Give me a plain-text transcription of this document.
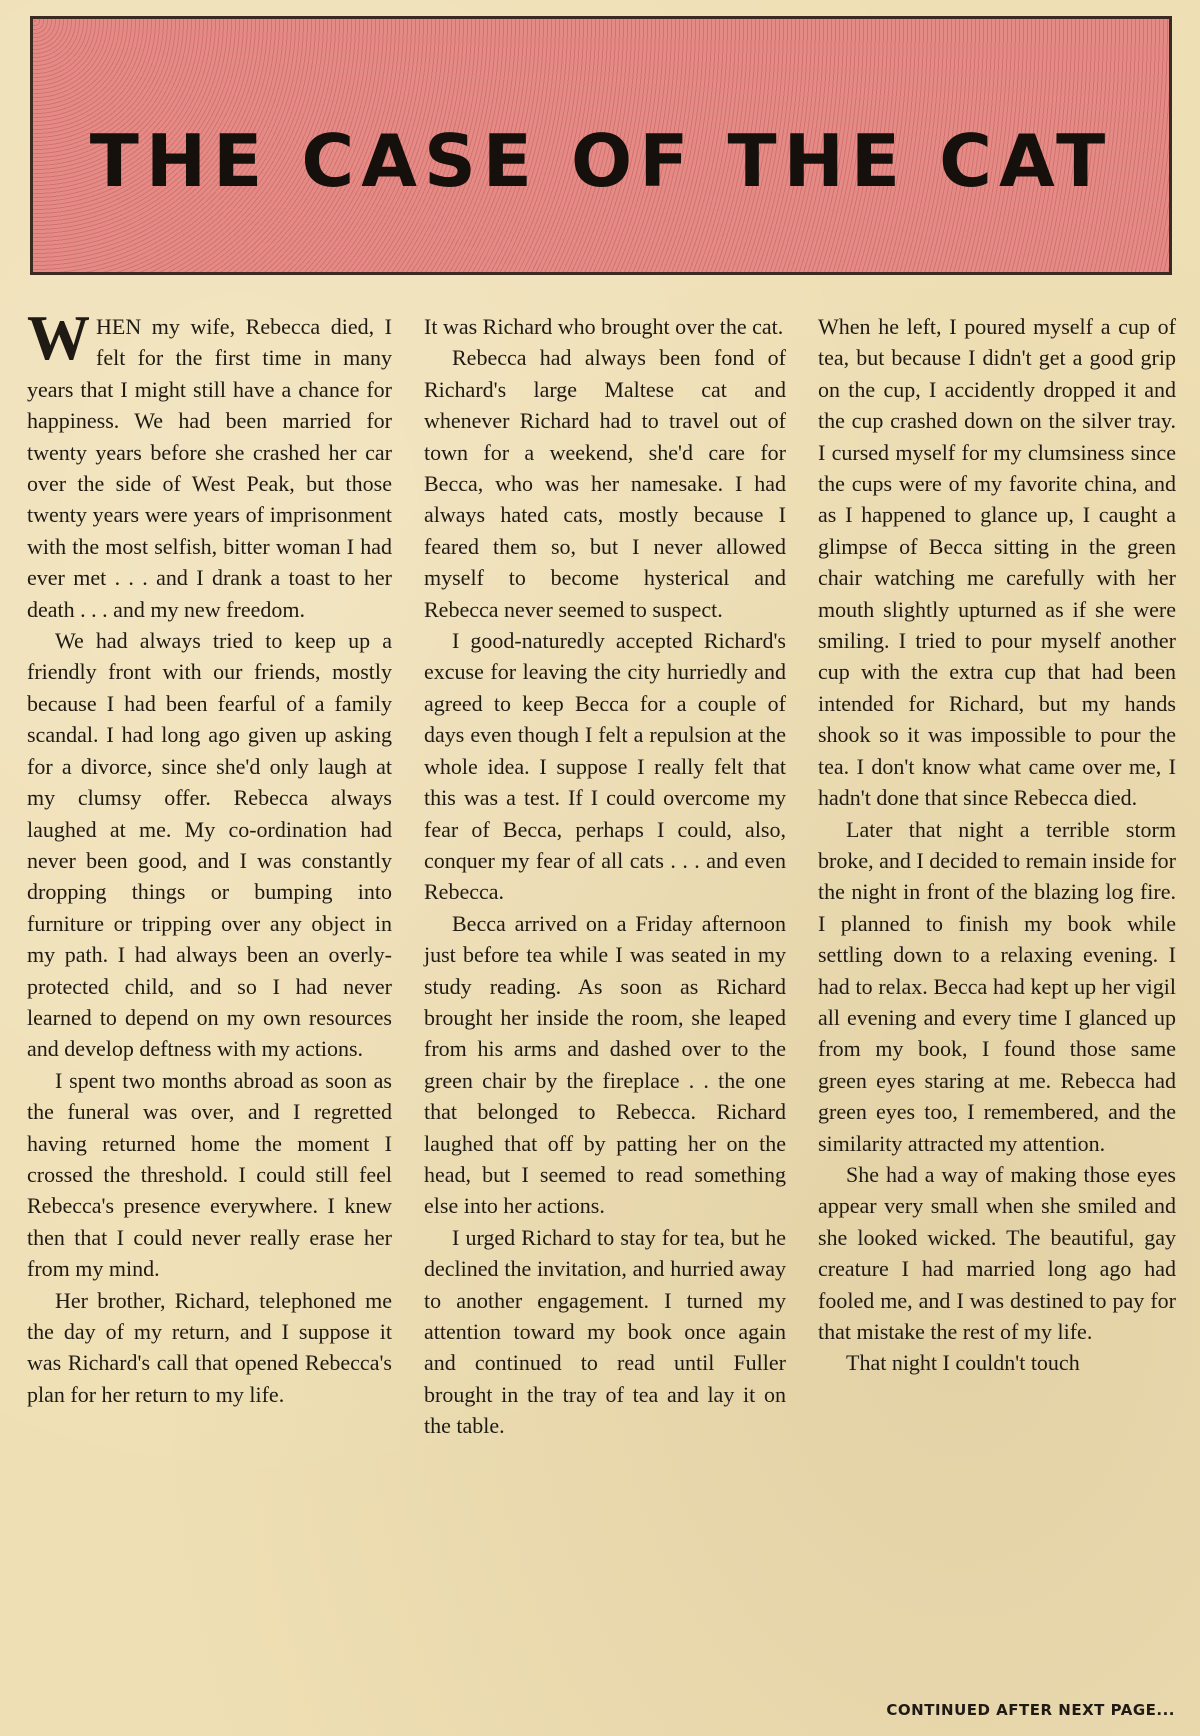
THE CASE OF THE CAT

WHEN my wife, Rebecca died, I felt for the first time in many years that I might still have a chance for happiness. We had been married for twenty years before she crashed her car over the side of West Peak, but those twenty years were years of imprisonment with the most selfish, bitter woman I had ever met . . . and I drank a toast to her death . . . and my new freedom.

We had always tried to keep up a friendly front with our friends, mostly because I had been fearful of a family scandal. I had long ago given up asking for a divorce, since she'd only laugh at my clumsy offer. Rebecca always laughed at me. My co-ordination had never been good, and I was constantly dropping things or bumping into furniture or tripping over any object in my path. I had always been an overly-protected child, and so I had never learned to depend on my own resources and develop deftness with my actions.

I spent two months abroad as soon as the funeral was over, and I regretted having returned home the moment I crossed the threshold. I could still feel Rebecca's presence everywhere. I knew then that I could never really erase her from my mind.

Her brother, Richard, telephoned me the day of my return, and I suppose it was Richard's call that opened Rebecca's plan for her return to my life.

It was Richard who brought over the cat.

Rebecca had always been fond of Richard's large Maltese cat and whenever Richard had to travel out of town for a weekend, she'd care for Becca, who was her namesake. I had always hated cats, mostly because I feared them so, but I never allowed myself to become hysterical and Rebecca never seemed to suspect.

I good-naturedly accepted Richard's excuse for leaving the city hurriedly and agreed to keep Becca for a couple of days even though I felt a repulsion at the whole idea. I suppose I really felt that this was a test. If I could overcome my fear of Becca, perhaps I could, also, conquer my fear of all cats . . . and even Rebecca.

Becca arrived on a Friday afternoon just before tea while I was seated in my study reading. As soon as Richard brought her inside the room, she leaped from his arms and dashed over to the green chair by the fireplace . . the one that belonged to Rebecca. Richard laughed that off by patting her on the head, but I seemed to read something else into her actions.

I urged Richard to stay for tea, but he declined the invitation, and hurried away to another engagement. I turned my attention toward my book once again and continued to read until Fuller brought in the tray of tea and lay it on the table.

When he left, I poured myself a cup of tea, but because I didn't get a good grip on the cup, I accidently dropped it and the cup crashed down on the silver tray. I cursed myself for my clumsiness since the cups were of my favorite china, and as I happened to glance up, I caught a glimpse of Becca sitting in the green chair watching me carefully with her mouth slightly upturned as if she were smiling. I tried to pour myself another cup with the extra cup that had been intended for Richard, but my hands shook so it was impossible to pour the tea. I don't know what came over me, I hadn't done that since Rebecca died.

Later that night a terrible storm broke, and I decided to remain inside for the night in front of the blazing log fire. I planned to finish my book while settling down to a relaxing evening. I had to relax. Becca had kept up her vigil all evening and every time I glanced up from my book, I found those same green eyes staring at me. Rebecca had green eyes too, I remembered, and the similarity attracted my attention.

She had a way of making those eyes appear very small when she smiled and she looked wicked. The beautiful, gay creature I had married long ago had fooled me, and I was destined to pay for that mistake the rest of my life.

That night I couldn't touch

CONTINUED AFTER NEXT PAGE...
